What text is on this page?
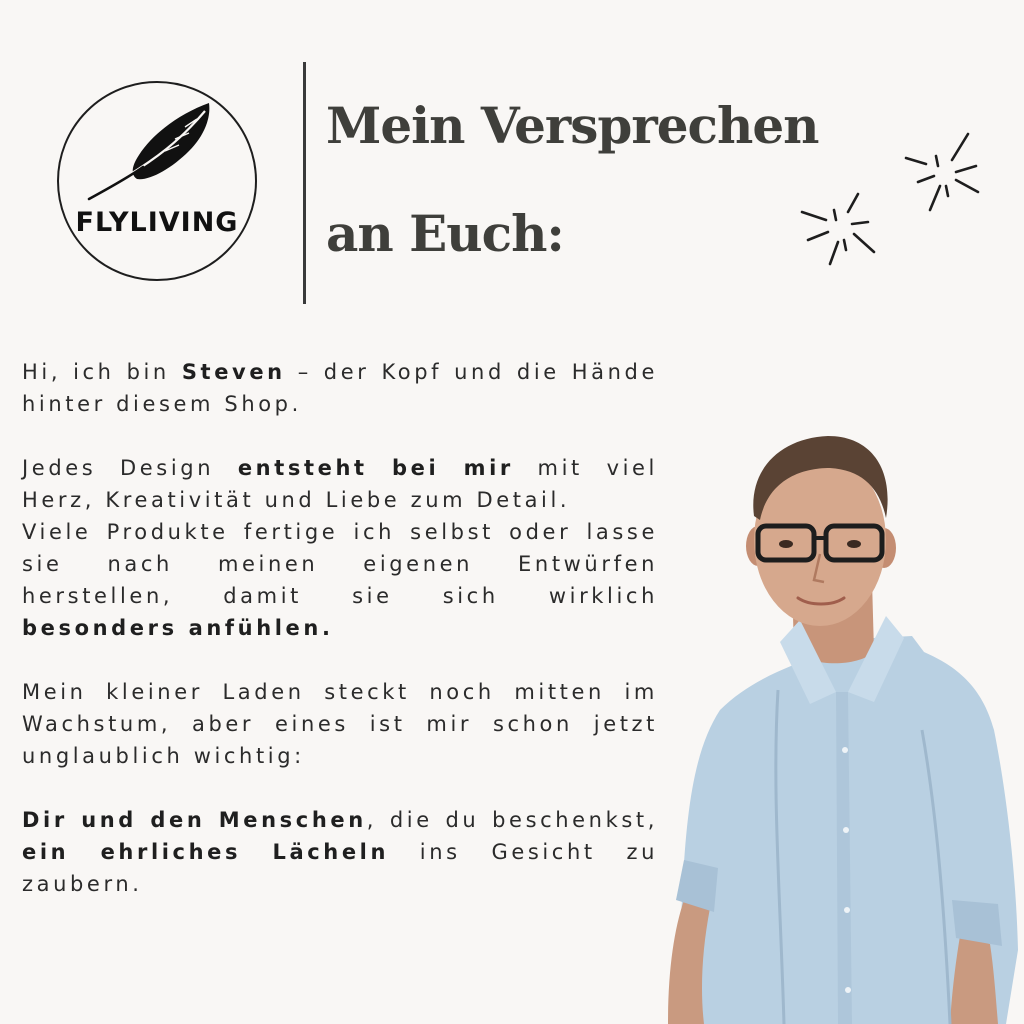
FLYLIVING
Mein Versprechen
an Euch:

Hi, ich bin Steven – der Kopf und die Hände hinter diesem Shop.

Jedes Design entsteht bei mir mit viel Herz, Kreativität und Liebe zum Detail.
Viele Produkte fertige ich selbst oder lasse sie nach meinen eigenen Entwürfen herstellen, damit sie sich wirklich besonders anfühlen.

Mein kleiner Laden steckt noch mitten im Wachstum, aber eines ist mir schon jetzt unglaublich wichtig:

Dir und den Menschen, die du beschenkst, ein ehrliches Lächeln ins Gesicht zu zaubern.
